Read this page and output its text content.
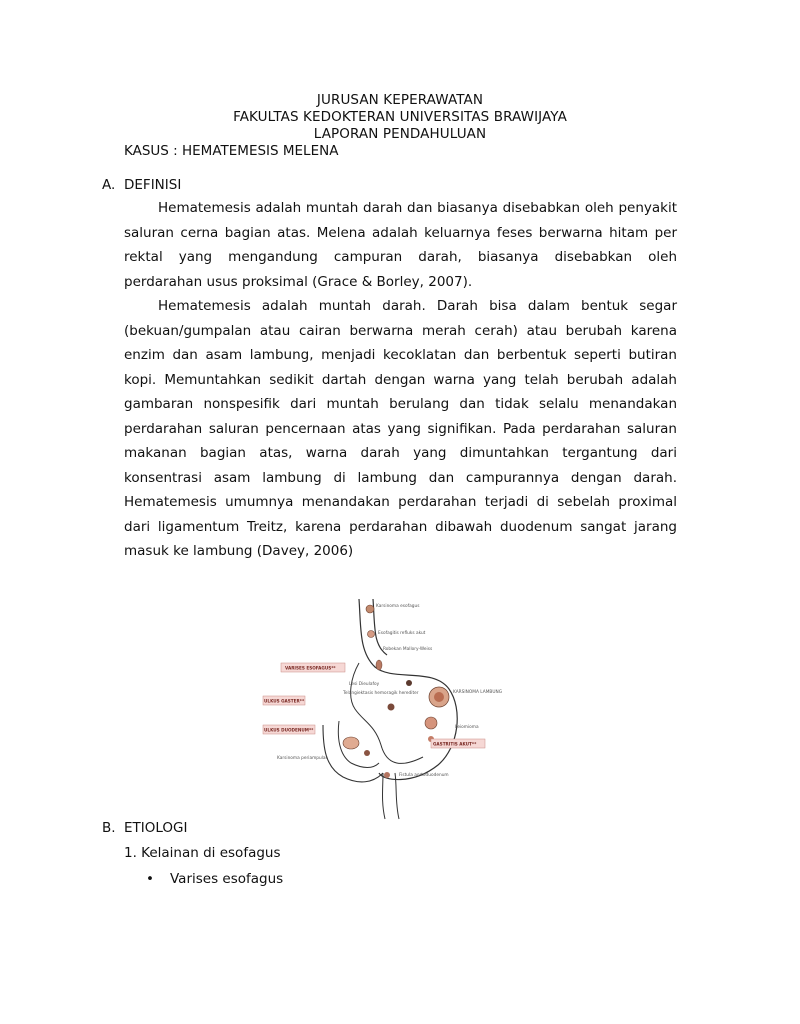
JURUSAN KEPERAWATAN
FAKULTAS KEDOKTERAN UNIVERSITAS BRAWIJAYA
LAPORAN PENDAHULUAN
KASUS : HEMATEMESIS MELENA
A. DEFINISI
Hematemesis adalah muntah darah dan biasanya disebabkan oleh penyakit saluran cerna bagian atas. Melena adalah keluarnya feses berwarna hitam per rektal yang mengandung campuran darah, biasanya disebabkan oleh perdarahan usus proksimal (Grace & Borley, 2007).
Hematemesis adalah muntah darah. Darah bisa dalam bentuk segar (bekuan/gumpalan atau cairan berwarna merah cerah) atau berubah karena enzim dan asam lambung, menjadi kecoklatan dan berbentuk seperti butiran kopi. Memuntahkan sedikit dartah dengan warna yang telah berubah adalah gambaran nonspesifik dari muntah berulang dan tidak selalu menandakan perdarahan saluran pencernaan atas yang signifikan. Pada perdarahan saluran makanan bagian atas, warna darah yang dimuntahkan tergantung dari konsentrasi asam lambung di lambung dan campurannya dengan darah. Hematemesis umumnya menandakan perdarahan terjadi di sebelah proximal dari ligamentum Treitz, karena perdarahan dibawah duodenum sangat jarang masuk ke lambung (Davey, 2006)
Karsinoma esofagus
Esofagitis refluks akut
Robekan Mallory-Weiss
VARISES ESOFAGUS**
Lesi Dieulafoy
Telangiektasis hemoragik herediter
ULKUS GASTER**
ULKUS DUODENUM**
KARSINOMA LAMBUNG
Leiomioma
GASTRITIS AKUT**
Karsinoma periampular
Fistula aortoduodenum
B. ETIOLOGI
1. Kelainan di esofagus
• Varises esofagus
